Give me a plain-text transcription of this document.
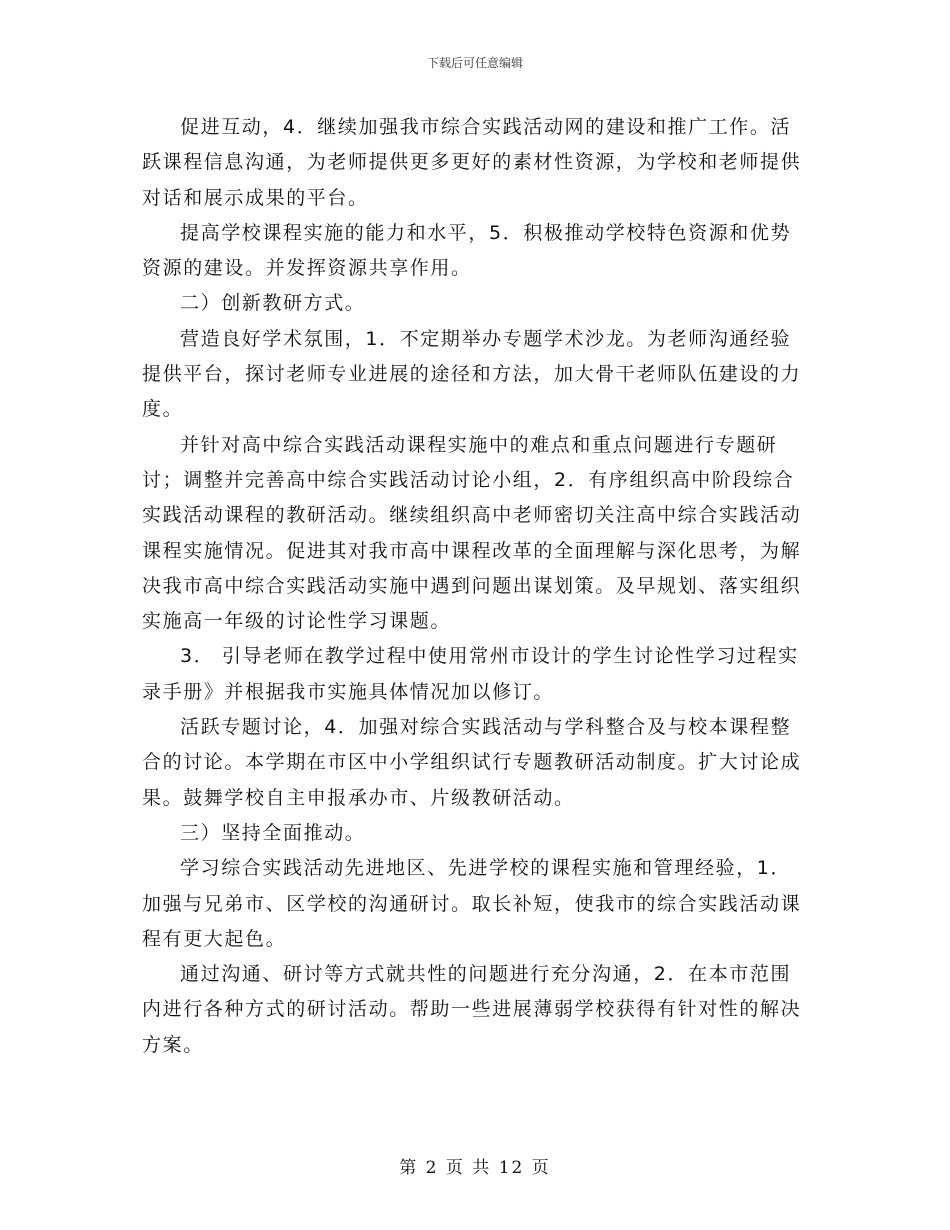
下载后可任意编辑

促进互动，4．继续加强我市综合实践活动网的建设和推广工作。活跃课程信息沟通，为老师提供更多更好的素材性资源，为学校和老师提供对话和展示成果的平台。

提高学校课程实施的能力和水平，5．积极推动学校特色资源和优势资源的建设。并发挥资源共享作用。

二）创新教研方式。

营造良好学术氛围，1．不定期举办专题学术沙龙。为老师沟通经验提供平台，探讨老师专业进展的途径和方法，加大骨干老师队伍建设的力度。

并针对高中综合实践活动课程实施中的难点和重点问题进行专题研讨；调整并完善高中综合实践活动讨论小组，2．有序组织高中阶段综合实践活动课程的教研活动。继续组织高中老师密切关注高中综合实践活动课程实施情况。促进其对我市高中课程改革的全面理解与深化思考，为解决我市高中综合实践活动实施中遇到问题出谋划策。及早规划、落实组织实施高一年级的讨论性学习课题。

3． 引导老师在教学过程中使用常州市设计的学生讨论性学习过程实录手册》并根据我市实施具体情况加以修订。

活跃专题讨论，4．加强对综合实践活动与学科整合及与校本课程整合的讨论。本学期在市区中小学组织试行专题教研活动制度。扩大讨论成果。鼓舞学校自主申报承办市、片级教研活动。

三）坚持全面推动。

学习综合实践活动先进地区、先进学校的课程实施和管理经验，1．加强与兄弟市、区学校的沟通研讨。取长补短，使我市的综合实践活动课程有更大起色。

通过沟通、研讨等方式就共性的问题进行充分沟通，2．在本市范围内进行各种方式的研讨活动。帮助一些进展薄弱学校获得有针对性的解决方案。

第 2 页 共 12 页
